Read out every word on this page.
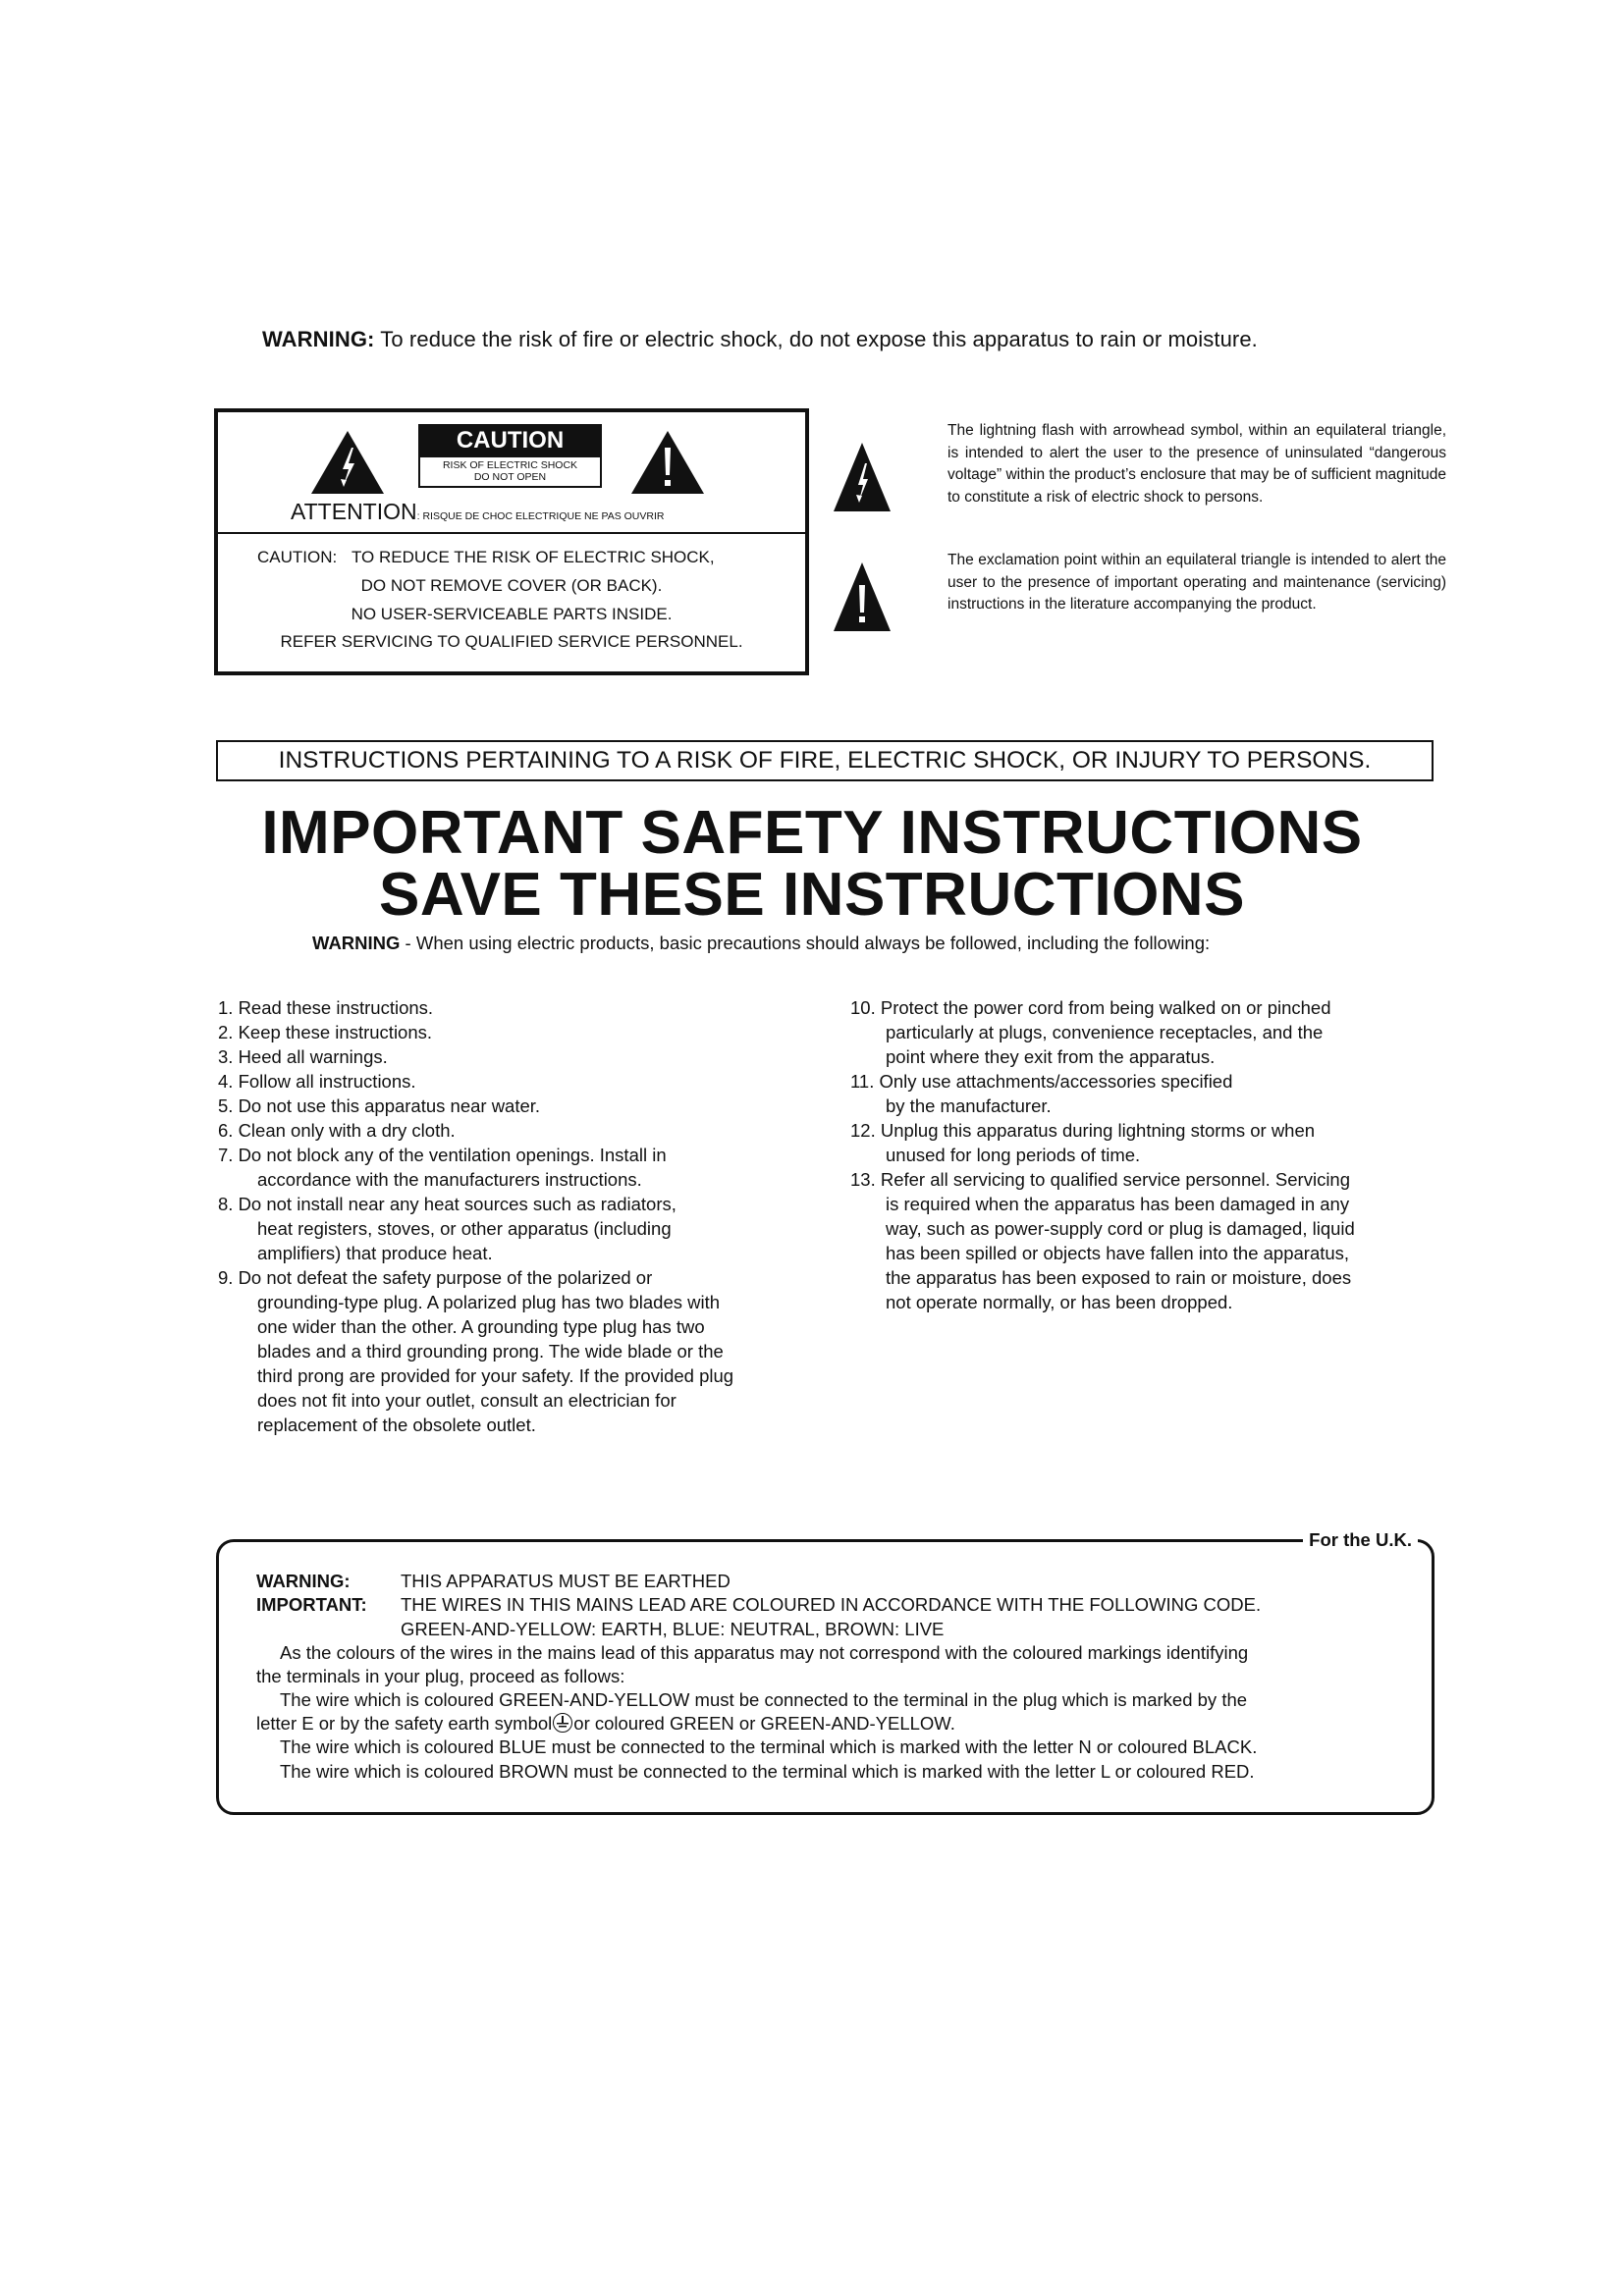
WARNING: To reduce the risk of fire or electric shock, do not expose this apparatus to rain or moisture.
CAUTION
RISK OF ELECTRIC SHOCK
DO NOT OPEN
ATTENTION: RISQUE DE CHOC ELECTRIQUE NE PAS OUVRIR
CAUTION: TO REDUCE THE RISK OF ELECTRIC SHOCK,
DO NOT REMOVE COVER (OR BACK).
NO USER-SERVICEABLE PARTS INSIDE.
REFER SERVICING TO QUALIFIED SERVICE PERSONNEL.
The lightning flash with arrowhead symbol, within an equilateral triangle, is intended to alert the user to the presence of uninsulated “dangerous voltage” within the product’s enclosure that may be of sufficient magnitude to constitute a risk of electric shock to persons.
The exclamation point within an equilateral triangle is intended to alert the user to the presence of important operating and maintenance (servicing) instructions in the literature accompanying the product.
INSTRUCTIONS PERTAINING TO A RISK OF FIRE, ELECTRIC SHOCK, OR INJURY TO PERSONS.
IMPORTANT SAFETY INSTRUCTIONS
SAVE THESE INSTRUCTIONS
WARNING - When using electric products, basic precautions should always be followed, including the following:
1. Read these instructions.
2. Keep these instructions.
3. Heed all warnings.
4. Follow all instructions.
5. Do not use this apparatus near water.
6. Clean only with a dry cloth.
7. Do not block any of the ventilation openings. Install in
accordance with the manufacturers instructions.
8. Do not install near any heat sources such as radiators,
heat registers, stoves, or other apparatus (including
amplifiers) that produce heat.
9. Do not defeat the safety purpose of the polarized or
grounding-type plug. A polarized plug has two blades with
one wider than the other. A grounding type plug has two
blades and a third grounding prong. The wide blade or the
third prong are provided for your safety. If the provided plug
does not fit into your outlet, consult an electrician for
replacement of the obsolete outlet.
10. Protect the power cord from being walked on or pinched
particularly at plugs, convenience receptacles, and the
point where they exit from the apparatus.
11. Only use attachments/accessories specified
by the manufacturer.
12. Unplug this apparatus during lightning storms or when
unused for long periods of time.
13. Refer all servicing to qualified service personnel. Servicing
is required when the apparatus has been damaged in any
way, such as power-supply cord or plug is damaged, liquid
has been spilled or objects have fallen into the apparatus,
the apparatus has been exposed to rain or moisture, does
not operate normally, or has been dropped.
For the U.K.
WARNING:	THIS APPARATUS MUST BE EARTHED
IMPORTANT: THE WIRES IN THIS MAINS LEAD ARE COLOURED IN ACCORDANCE WITH THE FOLLOWING CODE.
GREEN-AND-YELLOW: EARTH, BLUE: NEUTRAL, BROWN: LIVE
As the colours of the wires in the mains lead of this apparatus may not correspond with the coloured markings identifying
the terminals in your plug, proceed as follows:
The wire which is coloured GREEN-AND-YELLOW must be connected to the terminal in the plug which is marked by the
letter E or by the safety earth symbol or coloured GREEN or GREEN-AND-YELLOW.
The wire which is coloured BLUE must be connected to the terminal which is marked with the letter N or coloured BLACK.
The wire which is coloured BROWN must be connected to the terminal which is marked with the letter L or coloured RED.
